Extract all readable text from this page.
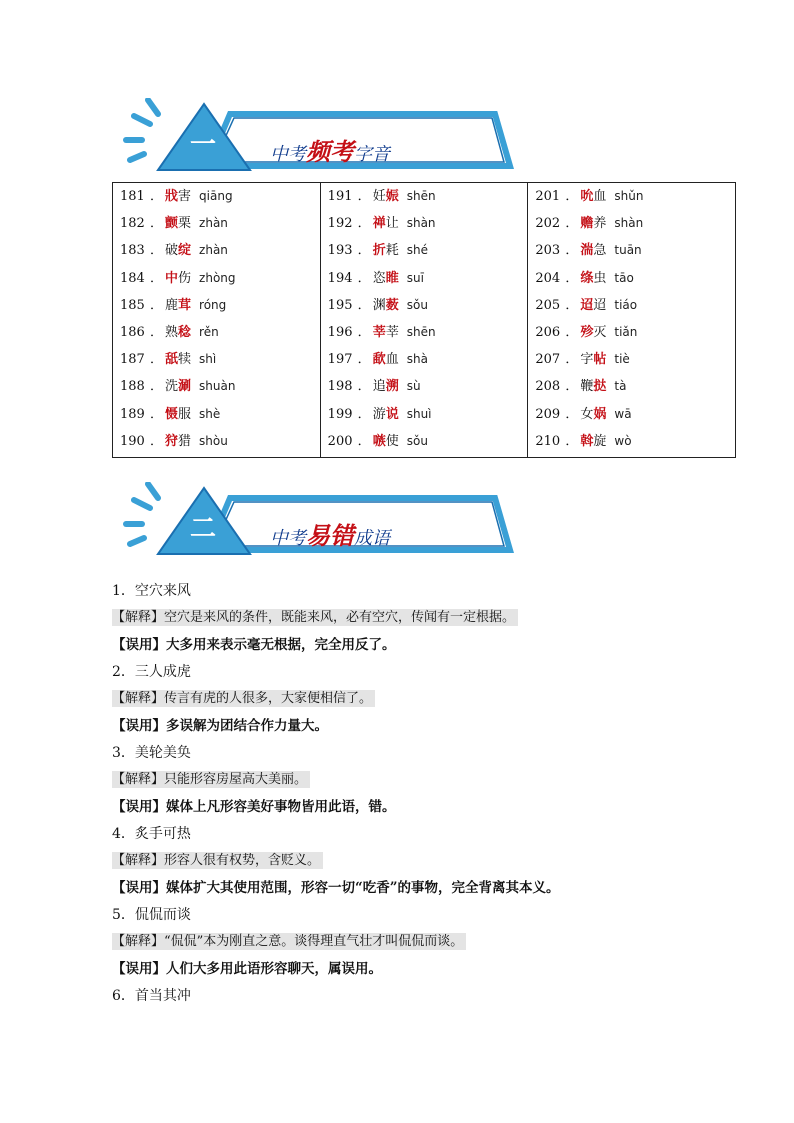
一	中考频考字音
181 ． 戕害 qiāng
182 ． 颤栗 zhàn
183 ． 破绽 zhàn
184 ． 中伤 zhòng
185 ． 鹿茸 róng
186 ． 熟稔 rěn
187 ． 舐犊 shì
188 ． 洗涮 shuàn
189 ． 慑服 shè
190 ． 狩猎 shòu
191 ． 妊娠 shēn
192 ． 禅让 shàn
193 ． 折耗 shé
194 ． 恣睢 suī
195 ． 渊薮 sǒu
196 ． 莘莘 shēn
197 ． 歃血 shà
198 ． 追溯 sù
199 ． 游说 shuì
200 ． 嗾使 sǒu
201 ． 吮血 shǔn
202 ． 赡养 shàn
203 ． 湍急 tuān
204 ． 绦虫 tāo
205 ． 迢迢 tiáo
206 ． 殄灭 tiǎn
207 ． 字帖 tiè
208 ． 鞭挞 tà
209 ． 女娲 wā
210 ． 斡旋 wò
二	中考易错成语
1．空穴来风
【解释】空穴是来风的条件，既能来风，必有空穴，传闻有一定根据。
【误用】大多用来表示毫无根据，完全用反了。
2．三人成虎
【解释】传言有虎的人很多，大家便相信了。
【误用】多误解为团结合作力量大。
3．美轮美奂
【解释】只能形容房屋高大美丽。
【误用】媒体上凡形容美好事物皆用此语，错。
4．炙手可热
【解释】形容人很有权势，含贬义。
【误用】媒体扩大其使用范围，形容一切“吃香”的事物，完全背离其本义。
5．侃侃而谈
【解释】“侃侃”本为刚直之意。谈得理直气壮才叫侃侃而谈。
【误用】人们大多用此语形容聊天，属误用。
6．首当其冲
